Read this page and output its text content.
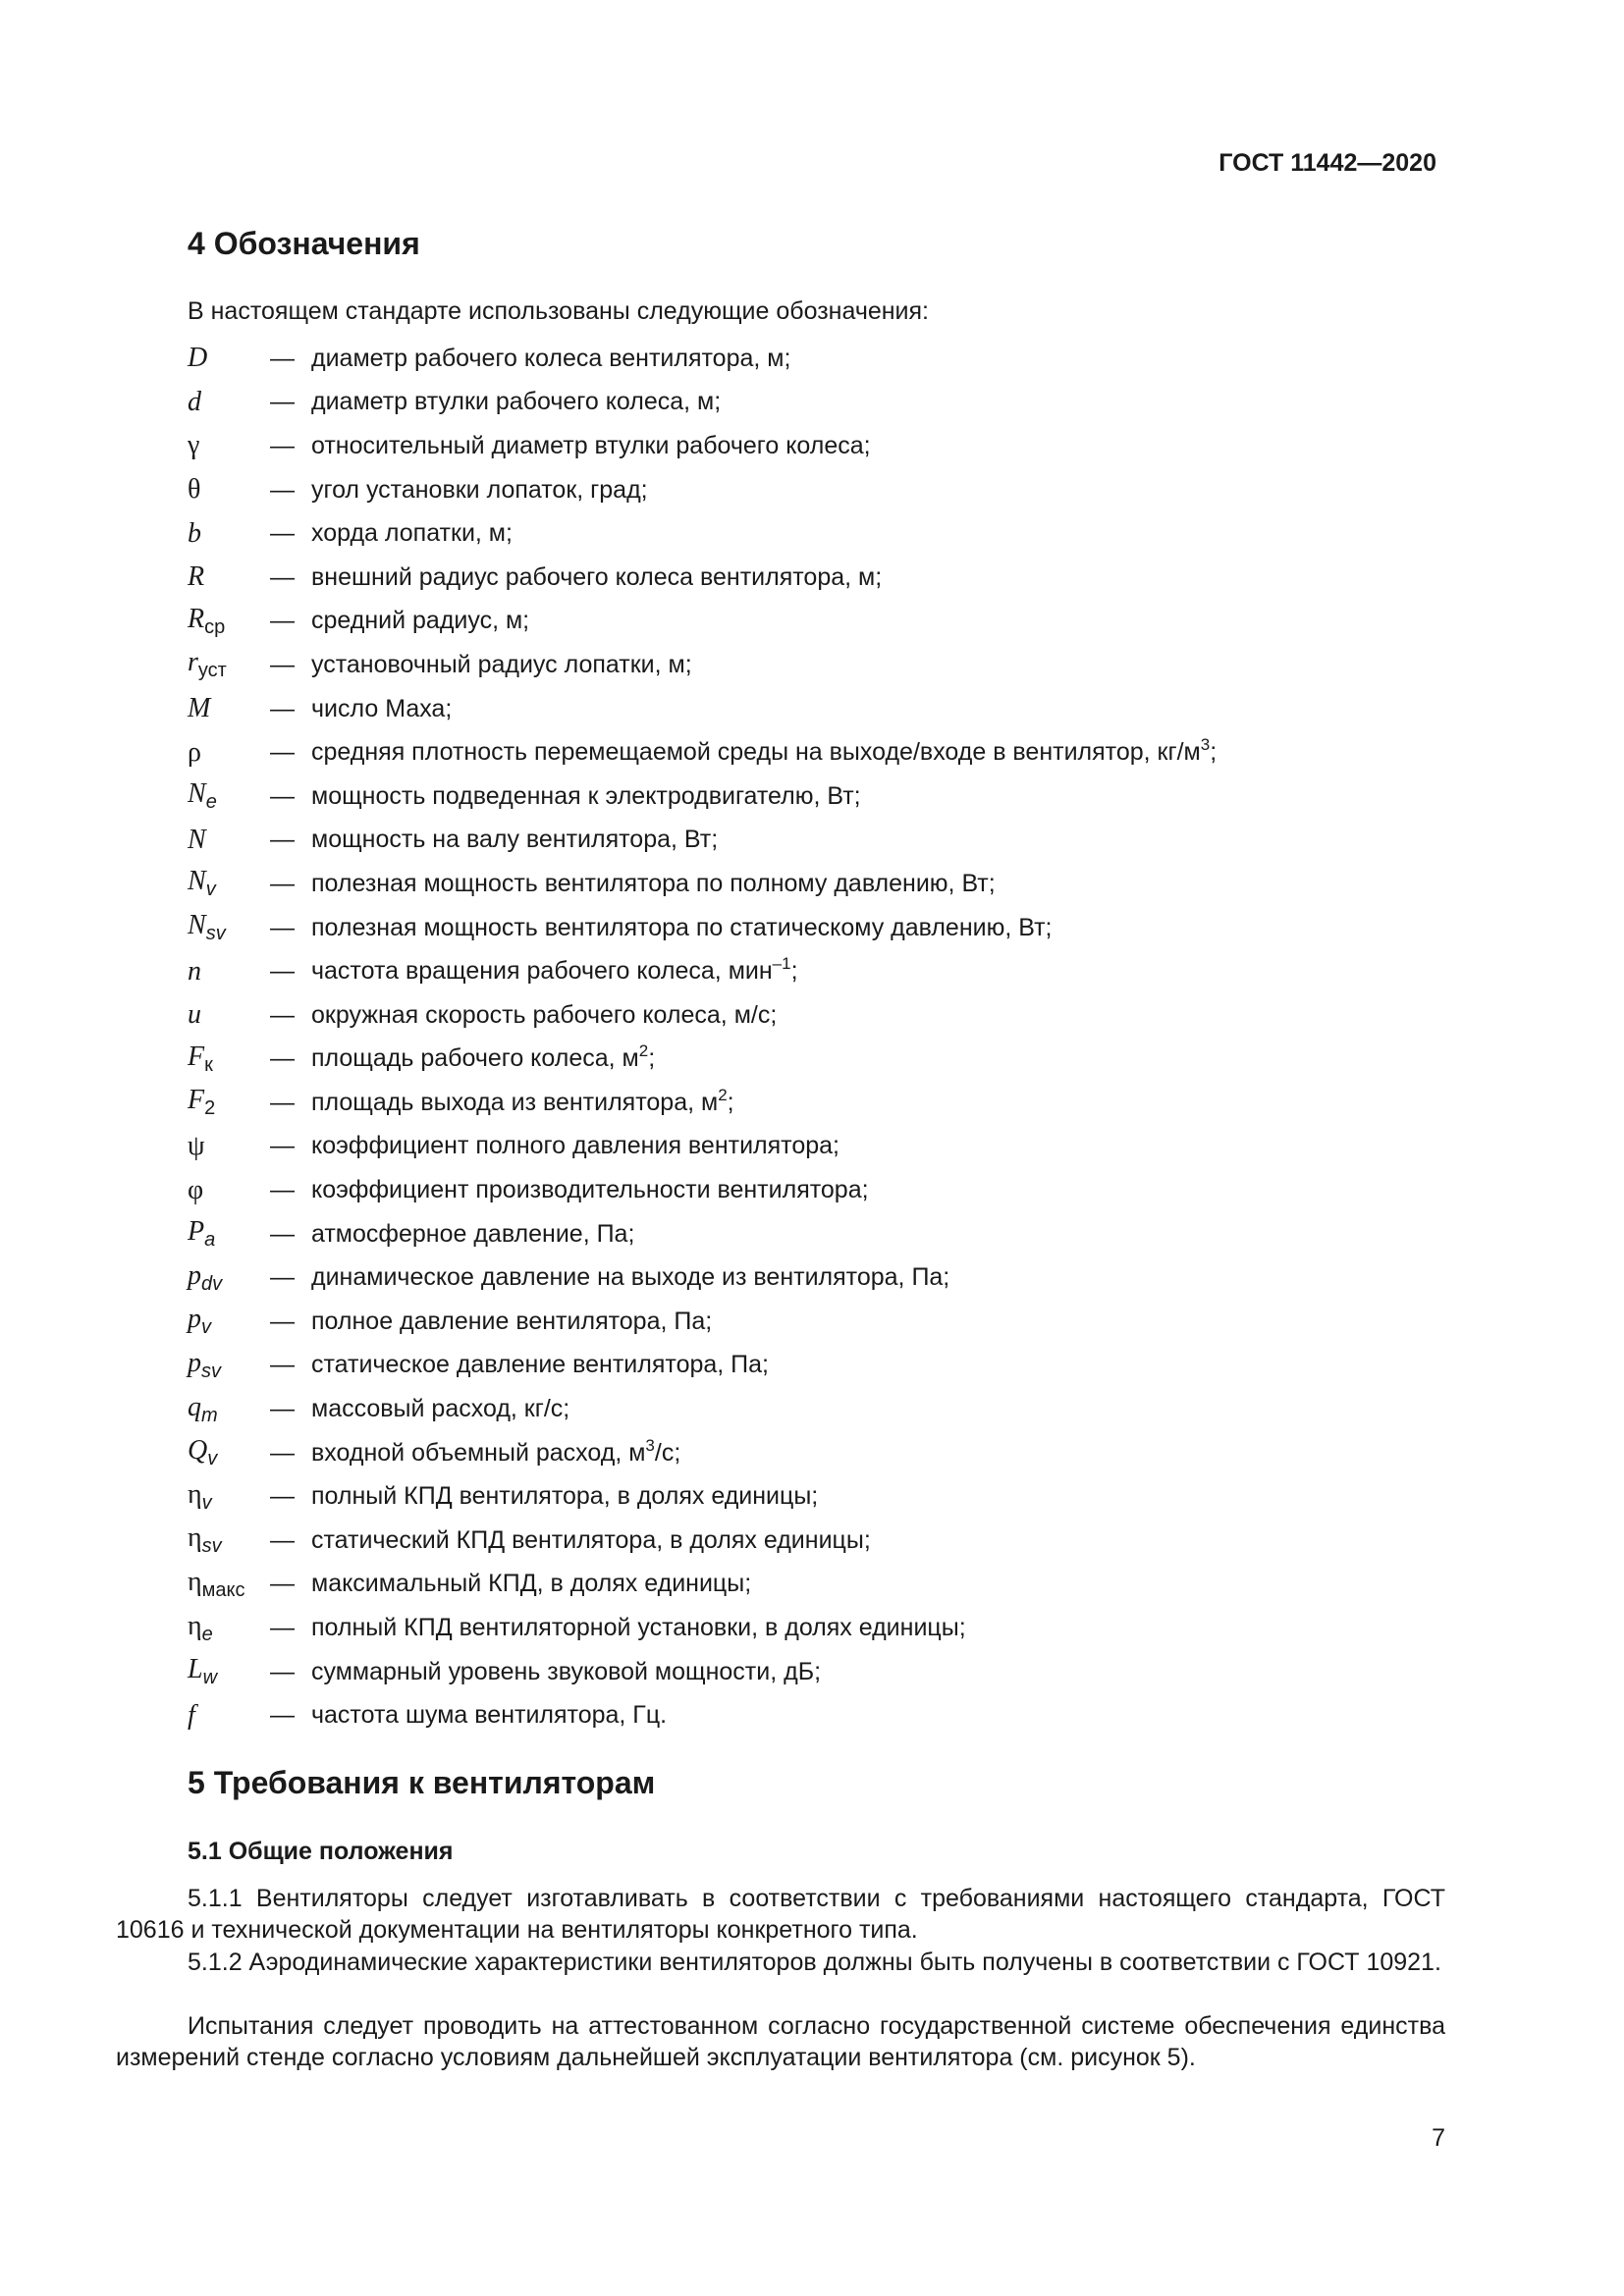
ГОСТ 11442—2020
4 Обозначения
В настоящем стандарте использованы следующие обозначения:
D	— диаметр рабочего колеса вентилятора, м;
d	— диаметр втулки рабочего колеса, м;
γ	— относительный диаметр втулки рабочего колеса;
θ	— угол установки лопаток, град;
b	— хорда лопатки, м;
R	— внешний радиус рабочего колеса вентилятора, м;
$R_{ср}$	— средний радиус, м;
$r_{уст}$	— установочный радиус лопатки, м;
M	— число Маха;
ρ	— средняя плотность перемещаемой среды на выходе/входе в вентилятор, $кг/м^3$;
$N_e$	— мощность подведенная к электродвигателю, Вт;
N	— мощность на валу вентилятора, Вт;
$N_v$	— полезная мощность вентилятора по полному давлению, Вт;
$N_{sv}$	— полезная мощность вентилятора по статическому давлению, Вт;
n	— частота вращения рабочего колеса, мин$^{-1}$;
u	— окружная скорость рабочего колеса, м/с;
$F_к$	— площадь рабочего колеса, $м^2$;
$F_2$	— площадь выхода из вентилятора, $м^2$;
ψ	— коэффициент полного давления вентилятора;
φ	— коэффициент производительности вентилятора;
$P_a$	— атмосферное давление, Па;
$p_{dv}$	— динамическое давление на выходе из вентилятора, Па;
$p_v$	— полное давление вентилятора, Па;
$p_{sv}$	— статическое давление вентилятора, Па;
$q_m$	— массовый расход, кг/с;
$Q_v$	— входной объемный расход, $м^3/с$;
$\eta_v$	— полный КПД вентилятора, в долях единицы;
$\eta_{sv}$	— статический КПД вентилятора, в долях единицы;
$\eta_{макс}$	— максимальный КПД, в долях единицы;
$\eta_e$	— полный КПД вентиляторной установки, в долях единицы;
$L_w$	— суммарный уровень звуковой мощности, дБ;
f	— частота шума вентилятора, Гц.
5 Требования к вентиляторам
5.1 Общие положения

5.1.1 Вентиляторы следует изготавливать в соответствии с требованиями настоящего стандарта, ГОСТ 10616 и технической документации на вентиляторы конкретного типа.

5.1.2 Аэродинамические характеристики вентиляторов должны быть получены в соответствии с ГОСТ 10921.

Испытания следует проводить на аттестованном согласно государственной системе обеспечения единства измерений стенде согласно условиям дальнейшей эксплуатации вентилятора (см. рисунок 5).

7
